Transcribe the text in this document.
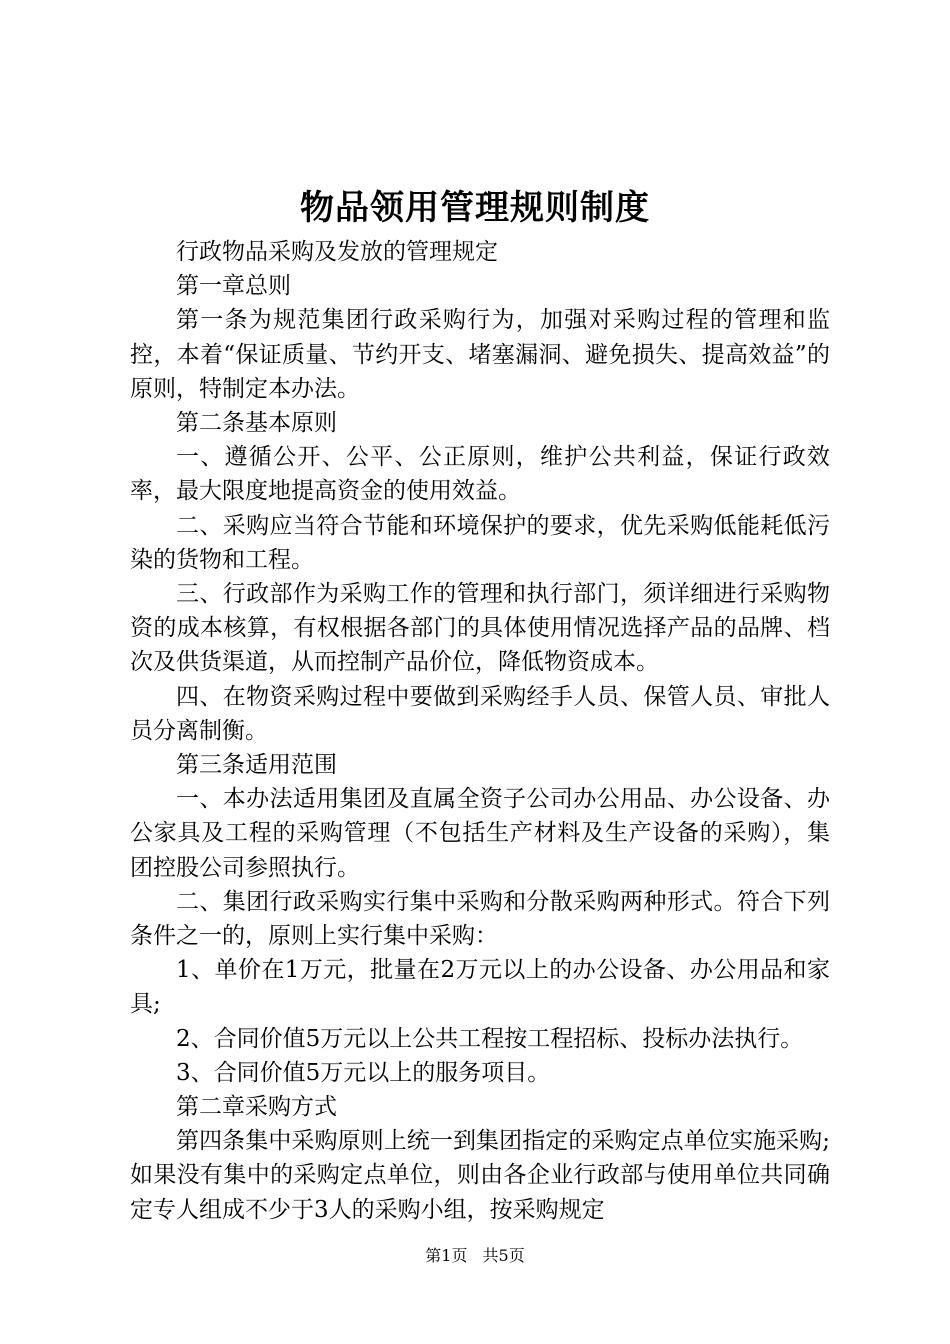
物品领用管理规则制度

行政物品采购及发放的管理规定

第一章总则

第一条为规范集团行政采购行为，加强对采购过程的管理和监控，本着“保证质量、节约开支、堵塞漏洞、避免损失、提高效益”的原则，特制定本办法。

第二条基本原则

一、遵循公开、公平、公正原则，维护公共利益，保证行政效率，最大限度地提高资金的使用效益。

二、采购应当符合节能和环境保护的要求，优先采购低能耗低污染的货物和工程。

三、行政部作为采购工作的管理和执行部门，须详细进行采购物资的成本核算，有权根据各部门的具体使用情况选择产品的品牌、档次及供货渠道，从而控制产品价位，降低物资成本。

四、在物资采购过程中要做到采购经手人员、保管人员、审批人员分离制衡。

第三条适用范围

一、本办法适用集团及直属全资子公司办公用品、办公设备、办公家具及工程的采购管理（不包括生产材料及生产设备的采购），集团控股公司参照执行。

二、集团行政采购实行集中采购和分散采购两种形式。符合下列条件之一的，原则上实行集中采购：

1、单价在1万元，批量在2万元以上的办公设备、办公用品和家具;

2、合同价值5万元以上公共工程按工程招标、投标办法执行。

3、合同价值5万元以上的服务项目。

第二章采购方式

第四条集中采购原则上统一到集团指定的采购定点单位实施采购;如果没有集中的采购定点单位，则由各企业行政部与使用单位共同确定专人组成不少于3人的采购小组，按采购规定

第1页 共5页
